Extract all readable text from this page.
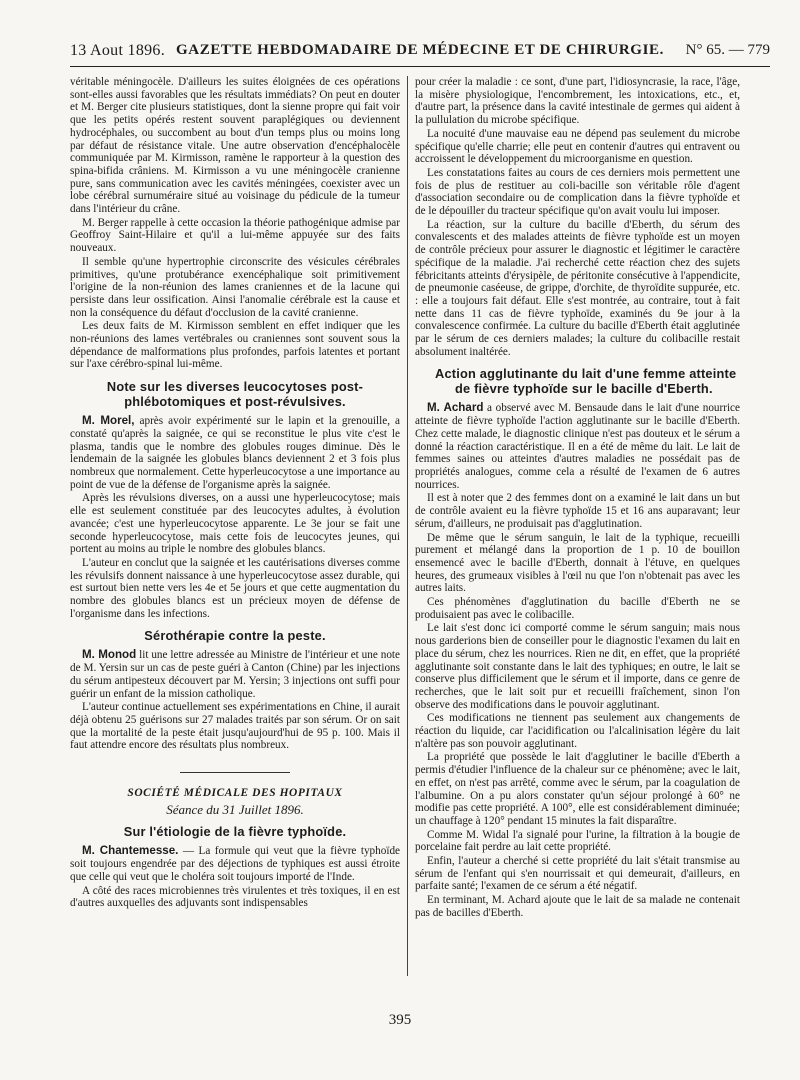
13 Aout 1896. GAZETTE HEBDOMADAIRE DE MÉDECINE ET DE CHIRURGIE.	N° 65. — 779

véritable méningocèle. D'ailleurs les suites éloignées de ces opérations sont-elles aussi favorables que les résultats immédiats? On peut en douter et M. Berger cite plusieurs statistiques, dont la sienne propre qui fait voir que les petits opérés restent souvent paraplégiques ou deviennent hydrocéphales, ou succombent au bout d'un temps plus ou moins long par défaut de résistance vitale. Une autre observation d'encéphalocèle communiquée par M. Kirmisson, ramène le rapporteur à la question des spina-bifida crâniens. M. Kirmisson a vu une méningocèle cranienne pure, sans communication avec les cavités méningées, coexister avec un lobe cérébral surnuméraire situé au voisinage du pédicule de la tumeur dans l'intérieur du crâne.

M. Berger rappelle à cette occasion la théorie pathogénique admise par Geoffroy Saint-Hilaire et qu'il a lui-même appuyée sur des faits nouveaux.

Il semble qu'une hypertrophie circonscrite des vésicules cérébrales primitives, qu'une protubérance exencéphalique soit primitivement l'origine de la non-réunion des lames craniennes et de la lacune qui persiste dans leur ossification. Ainsi l'anomalie cérébrale est la cause et non la conséquence du défaut d'occlusion de la cavité cranienne.

Les deux faits de M. Kirmisson semblent en effet indiquer que les non-réunions des lames vertébrales ou craniennes sont souvent sous la dépendance de malformations plus profondes, parfois latentes et portant sur l'axe cérébro-spinal lui-même.

Note sur les diverses leucocytoses post-phlébotomiques et post-révulsives.

M. Morel, après avoir expérimenté sur le lapin et la grenouille, a constaté qu'après la saignée, ce qui se reconstitue le plus vite c'est le plasma, tandis que le nombre des globules rouges diminue. Dès le lendemain de la saignée les globules blancs deviennent 2 et 3 fois plus nombreux que normalement. Cette hyperleucocytose a une importance au point de vue de la défense de l'organisme après la saignée.

Après les révulsions diverses, on a aussi une hyperleucocytose; mais elle est seulement constituée par des leucocytes adultes, à évolution avancée; c'est une hyperleucocytose apparente. Le 3e jour se fait une seconde hyperleucocytose, mais cette fois de leucocytes jeunes, qui portent au moins au triple le nombre des globules blancs.

L'auteur en conclut que la saignée et les cautérisations diverses comme les révulsifs donnent naissance à une hyperleucocytose assez durable, qui est surtout bien nette vers les 4e et 5e jours et que cette augmentation du nombre des globules blancs est un précieux moyen de défense de l'organisme dans les infections.

Sérothérapie contre la peste.

M. Monod lit une lettre adressée au Ministre de l'intérieur et une note de M. Yersin sur un cas de peste guéri à Canton (Chine) par les injections du sérum antipesteux découvert par M. Yersin; 3 injections ont suffi pour guérir un enfant de la mission catholique.

L'auteur continue actuellement ses expérimentations en Chine, il aurait déjà obtenu 25 guérisons sur 27 malades traités par son sérum. Or on sait que la mortalité de la peste était jusqu'aujourd'hui de 95 p. 100. Mais il faut attendre encore des résultats plus nombreux.

SOCIÉTÉ MÉDICALE DES HOPITAUX
Séance du 31 Juillet 1896.
Sur l'étiologie de la fièvre typhoïde.

M. Chantemesse. — La formule qui veut que la fièvre typhoïde soit toujours engendrée par des déjections de typhiques est aussi étroite que celle qui veut que le choléra soit toujours importé de l'Inde.

A côté des races microbiennes très virulentes et très toxiques, il en est d'autres auxquelles des adjuvants sont indispensables

pour créer la maladie : ce sont, d'une part, l'idiosyncrasie, la race, l'âge, la misère physiologique, l'encombrement, les intoxications, etc., et, d'autre part, la présence dans la cavité intestinale de germes qui aident à la pullulation du microbe spécifique.

La nocuité d'une mauvaise eau ne dépend pas seulement du microbe spécifique qu'elle charrie; elle peut en contenir d'autres qui entravent ou accroissent le développement du microorganisme en question.

Les constatations faites au cours de ces derniers mois permettent une fois de plus de restituer au coli-bacille son véritable rôle d'agent d'association secondaire ou de complication dans la fièvre typhoïde et de le dépouiller du tracteur spécifique qu'on avait voulu lui imposer.

La réaction, sur la culture du bacille d'Eberth, du sérum des convalescents et des malades atteints de fièvre typhoïde est un moyen de contrôle précieux pour assurer le diagnostic et légitimer le caractère spécifique de la maladie. J'ai recherché cette réaction chez des sujets fébricitants atteints d'érysipèle, de péritonite consécutive à l'appendicite, de pneumonie caséeuse, de grippe, d'orchite, de thyroïdite suppurée, etc. : elle a toujours fait défaut. Elle s'est montrée, au contraire, tout à fait nette dans 11 cas de fièvre typhoïde, examinés du 9e jour à la convalescence confirmée. La culture du bacille d'Eberth était agglutinée par le sérum de ces derniers malades; la culture du colibacille restait absolument inaltérée.

Action agglutinante du lait d'une femme atteinte de fièvre typhoïde sur le bacille d'Eberth.

M. Achard a observé avec M. Bensaude dans le lait d'une nourrice atteinte de fièvre typhoïde l'action agglutinante sur le bacille d'Eberth. Chez cette malade, le diagnostic clinique n'est pas douteux et le sérum a donné la réaction caractéristique. Il en a été de même du lait. Le lait de femmes saines ou atteintes d'autres maladies ne possédait pas de propriétés analogues, comme cela a résulté de l'examen de 6 autres nourrices.

Il est à noter que 2 des femmes dont on a examiné le lait dans un but de contrôle avaient eu la fièvre typhoïde 15 et 16 ans auparavant; leur sérum, d'ailleurs, ne produisait pas d'agglutination.

De même que le sérum sanguin, le lait de la typhique, recueilli purement et mélangé dans la proportion de 1 p. 10 de bouillon ensemencé avec le bacille d'Eberth, donnait à l'étuve, en quelques heures, des grumeaux visibles à l'œil nu que l'on n'obtenait pas avec les autres laits.

Ces phénomènes d'agglutination du bacille d'Eberth ne se produisaient pas avec le colibacille.

Le lait s'est donc ici comporté comme le sérum sanguin; mais nous nous garderions bien de conseiller pour le diagnostic l'examen du lait en place du sérum, chez les nourrices. Rien ne dit, en effet, que la propriété agglutinante soit constante dans le lait des typhiques; en outre, le lait se conserve plus difficilement que le sérum et il importe, dans ce genre de recherches, que le lait soit pur et recueilli fraîchement, sinon l'on observe des modifications dans le pouvoir agglutinant.

Ces modifications ne tiennent pas seulement aux changements de réaction du liquide, car l'acidification ou l'alcalinisation légère du lait n'altère pas son pouvoir agglutinant.

La propriété que possède le lait d'agglutiner le bacille d'Eberth a permis d'étudier l'influence de la chaleur sur ce phénomène; avec le lait, en effet, on n'est pas arrêté, comme avec le sérum, par la coagulation de l'albumine. On a pu alors constater qu'un séjour prolongé à 60° ne modifie pas cette propriété. A 100°, elle est considérablement diminuée; un chauffage à 120° pendant 15 minutes la fait disparaître.

Comme M. Widal l'a signalé pour l'urine, la filtration à la bougie de porcelaine fait perdre au lait cette propriété.

Enfin, l'auteur a cherché si cette propriété du lait s'était transmise au sérum de l'enfant qui s'en nourrissait et qui demeurait, d'ailleurs, en parfaite santé; l'examen de ce sérum a été négatif.

En terminant, M. Achard ajoute que le lait de sa malade ne contenait pas de bacilles d'Eberth.

395
